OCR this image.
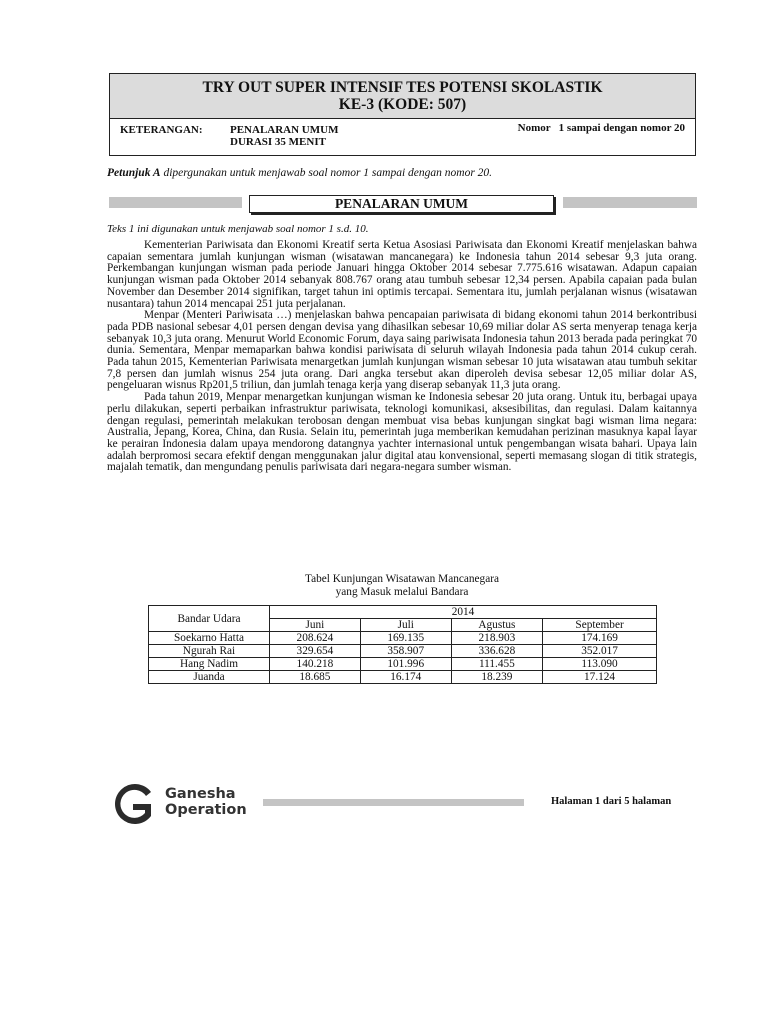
TRY OUT SUPER INTENSIF TES POTENSI SKOLASTIK
KE-3 (KODE: 507)
KETERANGAN: PENALARAN UMUM
DURASI 35 MENIT
Nomor   1 sampai dengan nomor 20
Petunjuk A dipergunakan untuk menjawab soal nomor 1 sampai dengan nomor 20.
PENALARAN UMUM
Teks 1 ini digunakan untuk menjawab soal nomor 1 s.d. 10.

Kementerian Pariwisata dan Ekonomi Kreatif serta Ketua Asosiasi Pariwisata dan Ekonomi Kreatif menjelaskan bahwa capaian sementara jumlah kunjungan wisman (wisatawan mancanegara) ke Indonesia tahun 2014 sebesar 9,3 juta orang. Perkembangan kunjungan wisman pada periode Januari hingga Oktober 2014 sebesar 7.775.616 wisatawan. Adapun capaian kunjungan wisman pada Oktober 2014 sebanyak 808.767 orang atau tumbuh sebesar 12,34 persen. Apabila capaian pada bulan November dan Desember 2014 signifikan, target tahun ini optimis tercapai. Sementara itu, jumlah perjalanan wisnus (wisatawan nusantara) tahun 2014 mencapai 251 juta perjalanan.

Menpar (Menteri Pariwisata …) menjelaskan bahwa pencapaian pariwisata di bidang ekonomi tahun 2014 berkontribusi pada PDB nasional sebesar 4,01 persen dengan devisa yang dihasilkan sebesar 10,69 miliar dolar AS serta menyerap tenaga kerja sebanyak 10,3 juta orang. Menurut World Economic Forum, daya saing pariwisata Indonesia tahun 2013 berada pada peringkat 70 dunia. Sementara, Menpar memaparkan bahwa kondisi pariwisata di seluruh wilayah Indonesia pada tahun 2014 cukup cerah. Pada tahun 2015, Kementerian Pariwisata menargetkan jumlah kunjungan wisman sebesar 10 juta wisatawan atau tumbuh sekitar 7,8 persen dan jumlah wisnus 254 juta orang. Dari angka tersebut akan diperoleh devisa sebesar 12,05 miliar dolar AS, pengeluaran wisnus Rp201,5 triliun, dan jumlah tenaga kerja yang diserap sebanyak 11,3 juta orang.

Pada tahun 2019, Menpar menargetkan kunjungan wisman ke Indonesia sebesar 20 juta orang. Untuk itu, berbagai upaya perlu dilakukan, seperti perbaikan infrastruktur pariwisata, teknologi komunikasi, aksesibilitas, dan regulasi. Dalam kaitannya dengan regulasi, pemerintah melakukan terobosan dengan membuat visa bebas kunjungan singkat bagi wisman lima negara: Australia, Jepang, Korea, China, dan Rusia. Selain itu, pemerintah juga memberikan kemudahan perizinan masuknya kapal layar ke perairan Indonesia dalam upaya mendorong datangnya yachter internasional untuk pengembangan wisata bahari. Upaya lain adalah berpromosi secara efektif dengan menggunakan jalur digital atau konvensional, seperti memasang slogan di titik strategis, majalah tematik, dan mengundang penulis pariwisata dari negara-negara sumber wisman.

Tabel Kunjungan Wisatawan Mancanegara
yang Masuk melalui Bandara
Bandar Udara	2014			
	Juni	Juli	Agustus	September
Soekarno Hatta	208.624	169.135	218.903	174.169
Ngurah Rai	329.654	358.907	336.628	352.017
Hang Nadim	140.218	101.996	111.455	113.090
Juanda	18.685	16.174	18.239	17.124
Ganesha
Operation
Halaman 1 dari 5 halaman
